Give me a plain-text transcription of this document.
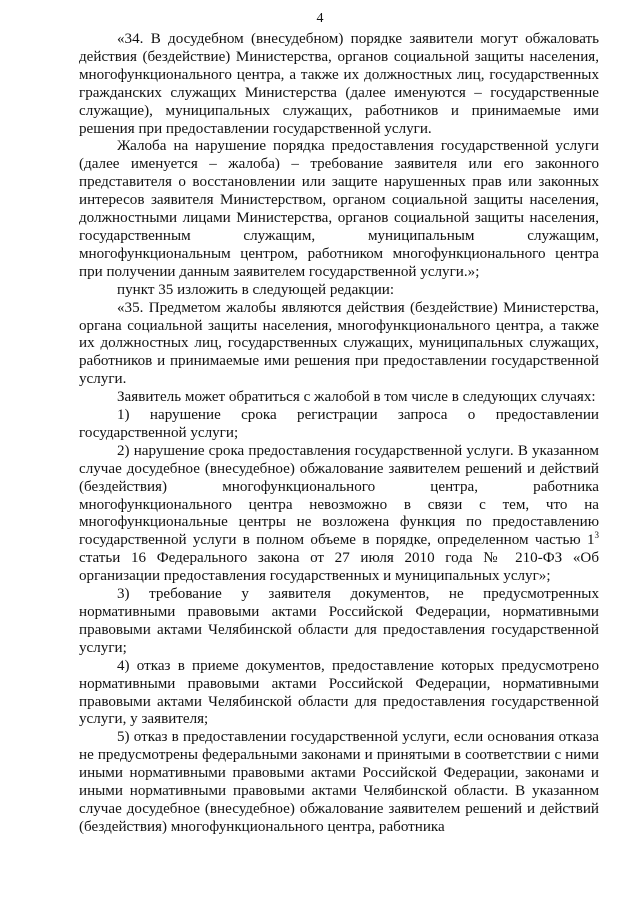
4

«34. В досудебном (внесудебном) порядке заявители могут обжаловать действия (бездействие) Министерства, органов социальной защиты населения, многофункционального центра, а также их должностных лиц, государственных гражданских служащих Министерства (далее именуются – государственные служащие), муниципальных служащих, работников и принимаемые ими решения при предоставлении государственной услуги.

Жалоба на нарушение порядка предоставления государственной услуги (далее именуется – жалоба) – требование заявителя или его законного представителя о восстановлении или защите нарушенных прав или законных интересов заявителя Министерством, органом социальной защиты населения, должностными лицами Министерства, органов социальной защиты населения, государственным служащим, муниципальным служащим, многофункциональным центром, работником многофункционального центра при получении данным заявителем государственной услуги.»;

пункт 35 изложить в следующей редакции:

«35. Предметом жалобы являются действия (бездействие) Министерства, органа социальной защиты населения, многофункционального центра, а также их должностных лиц, государственных служащих, муниципальных служащих, работников и принимаемые ими решения при предоставлении государственной услуги.

Заявитель может обратиться с жалобой в том числе в следующих случаях:

1) нарушение срока регистрации запроса о предоставлении государственной услуги;

2) нарушение срока предоставления государственной услуги. В указанном случае досудебное (внесудебное) обжалование заявителем решений и действий (бездействия) многофункционального центра, работника многофункционального центра невозможно в связи с тем, что на многофункциональные центры не возложена функция по предоставлению государственной услуги в полном объеме в порядке, определенном частью $1^3$ статьи 16 Федерального закона от 27 июля 2010 года № 210-ФЗ «Об организации предоставления государственных и муниципальных услуг»;

3) требование у заявителя документов, не предусмотренных нормативными правовыми актами Российской Федерации, нормативными правовыми актами Челябинской области для предоставления государственной услуги;

4) отказ в приеме документов, предоставление которых предусмотрено нормативными правовыми актами Российской Федерации, нормативными правовыми актами Челябинской области для предоставления государственной услуги, у заявителя;

5) отказ в предоставлении государственной услуги, если основания отказа не предусмотрены федеральными законами и принятыми в соответствии с ними иными нормативными правовыми актами Российской Федерации, законами и иными нормативными правовыми актами Челябинской области. В указанном случае досудебное (внесудебное) обжалование заявителем решений и действий (бездействия) многофункционального центра, работника
